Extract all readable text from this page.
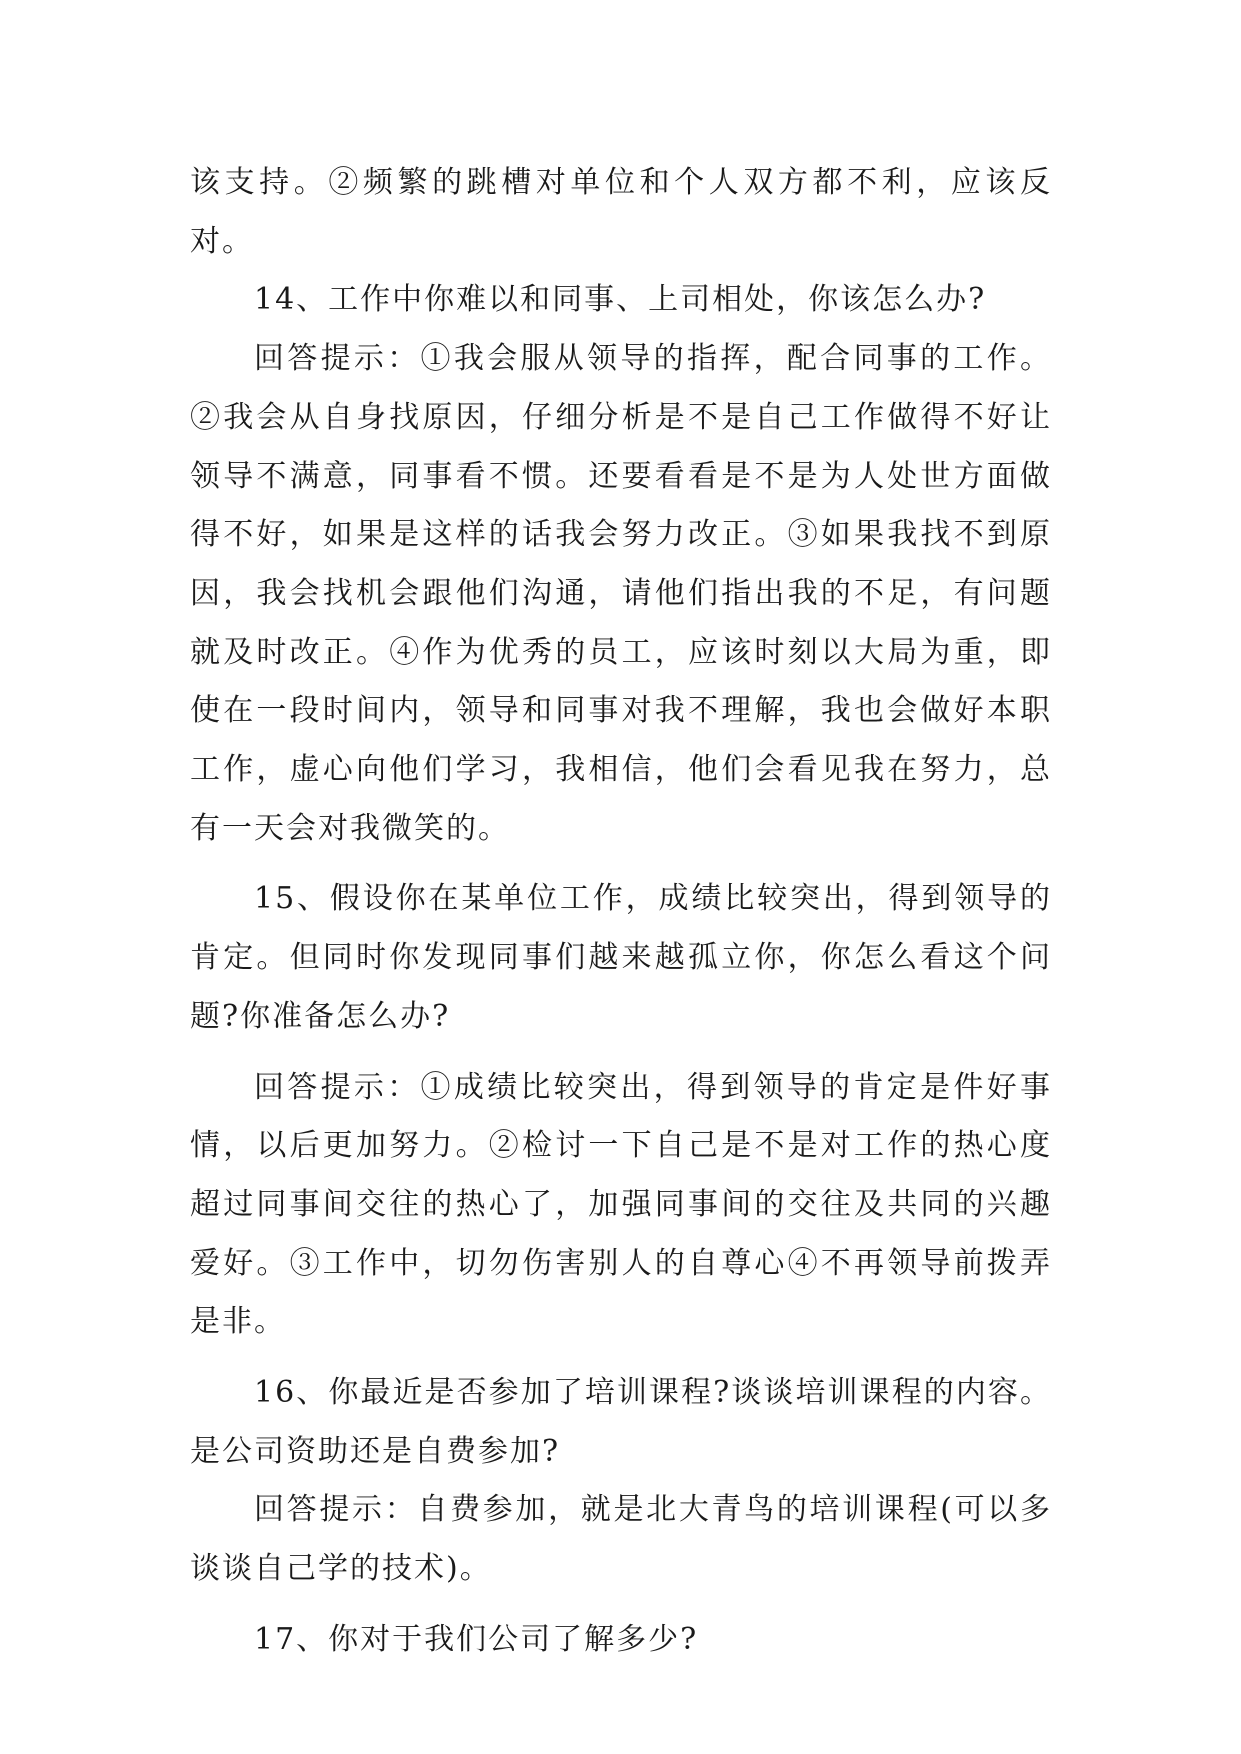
该支持。②频繁的跳槽对单位和个人双方都不利，应该反对。

14、工作中你难以和同事、上司相处，你该怎么办?

回答提示：①我会服从领导的指挥，配合同事的工作。②我会从自身找原因，仔细分析是不是自己工作做得不好让领导不满意，同事看不惯。还要看看是不是为人处世方面做得不好，如果是这样的话我会努力改正。③如果我找不到原因，我会找机会跟他们沟通，请他们指出我的不足，有问题就及时改正。④作为优秀的员工，应该时刻以大局为重，即使在一段时间内，领导和同事对我不理解，我也会做好本职工作，虚心向他们学习，我相信，他们会看见我在努力，总有一天会对我微笑的。

15、假设你在某单位工作，成绩比较突出，得到领导的肯定。但同时你发现同事们越来越孤立你，你怎么看这个问题?你准备怎么办?

回答提示：①成绩比较突出，得到领导的肯定是件好事情，以后更加努力。②检讨一下自己是不是对工作的热心度超过同事间交往的热心了，加强同事间的交往及共同的兴趣爱好。③工作中，切勿伤害别人的自尊心④不再领导前拨弄是非。

16、你最近是否参加了培训课程?谈谈培训课程的内容。是公司资助还是自费参加?

回答提示：自费参加，就是北大青鸟的培训课程(可以多谈谈自己学的技术)。

17、你对于我们公司了解多少?
